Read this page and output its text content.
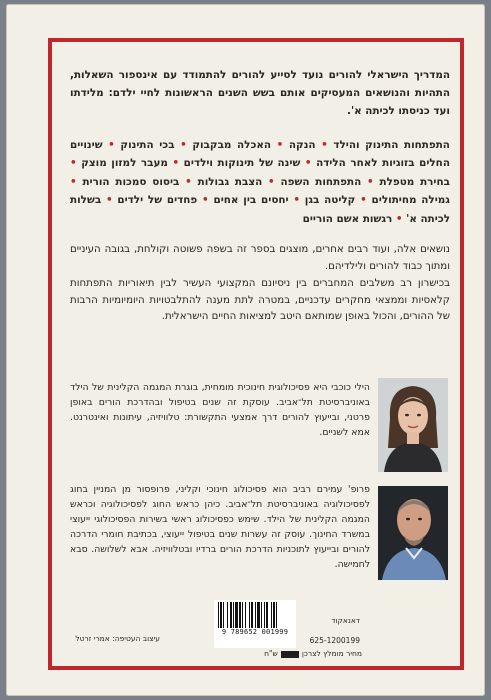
המדריך הישראלי להורים נועד לסייע להורים להתמודד עם אינספור השאלות, התהיות והנושאים המעסיקים אותם בשש השנים הראשונות לחיי ילדם: מלידתו ועד כניסתו לכיתה א'.
התפתחות התינוק והילד • הנקה • האכלה מבקבוק • בכי התינוק • שינויים החלים בזוגיות לאחר הלידה • שינה של תינוקות וילדים • מעבר למזון מוצק • בחירת מטפלת • התפתחות השפה • הצבת גבולות • ביסוס סמכות הורית • גמילה מחיתולים • קליטה בגן • יחסים בין אחים • פחדים של ילדים • בשלות לכיתה א' • רגשות אשם הוריים
נושאים אלה, ועוד רבים אחרים, מוצגים בספר זה בשפה פשוטה וקולחת, בגובה העיניים ומתוך כבוד להורים ולילדיהם.
בכישרון רב משלבים המחברים בין ניסיונם המקצועי העשיר לבין תיאוריות התפתחות קלאסיות וממצאי מחקרים עדכניים, במטרה לתת מענה להתלבטויות היומיומיות הרבות של ההורים, והכול באופן שמותאם היטב למציאות החיים הישראלית.
הילי כוכבי היא פסיכולוגית חינוכית מומחית, בוגרת המגמה הקלינית של הילד באוניברסיטת תל־אביב. עוסקת זה שנים בטיפול ובהדרכת הורים באופן פרטני, ובייעוץ להורים דרך אמצעי התקשורת: טלוויזיה, עיתונות ואינטרנט. אמא לשניים.
פרופ' עמירם רביב הוא פסיכולוג חינוכי וקליני, פרופסור מן המניין בחוג לפסיכולוגיה באוניברסיטת תל־אביב. כיהן כראש החוג לפסיכולוגיה וכראש המגמה הקלינית של הילד. שימש כפסיכולוג ראשי בשירות הפסיכולוגי ייעוצי במשרד החינוך. עוסק זה עשרות שנים בטיפול ייעוצי, בכתיבת חומרי הדרכה להורים ובייעוץ לתוכניות הדרכת הורים ברדיו ובטלוויזיה. אבא לשלושה. סבא לחמישה.
עיצוב העטיפה: אמרי זרטל
9 789652 001999
דאנאקוד
625-1200199
מחיר מומלץ לצרכןש"ח
